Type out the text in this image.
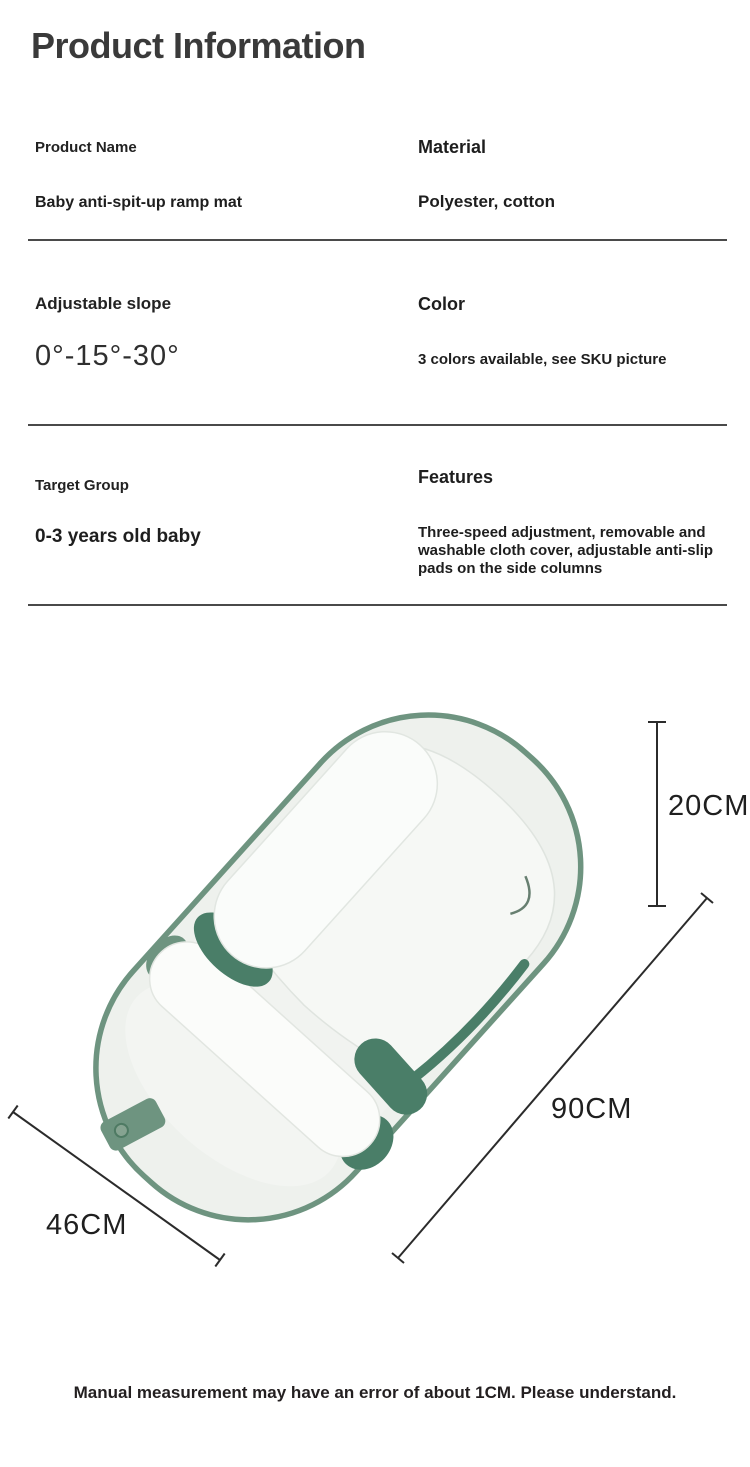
Product Information
Product Name
Baby anti-spit-up ramp mat
Material
Polyester, cotton
Adjustable slope
0°-15°-30°
Color
3 colors available, see SKU picture
Target Group
0-3 years old baby
Features
Three-speed adjustment, removable and washable cloth cover, adjustable anti-slip pads on the side columns
20CM
90CM
46CM
Manual measurement may have an error of about 1CM. Please understand.
